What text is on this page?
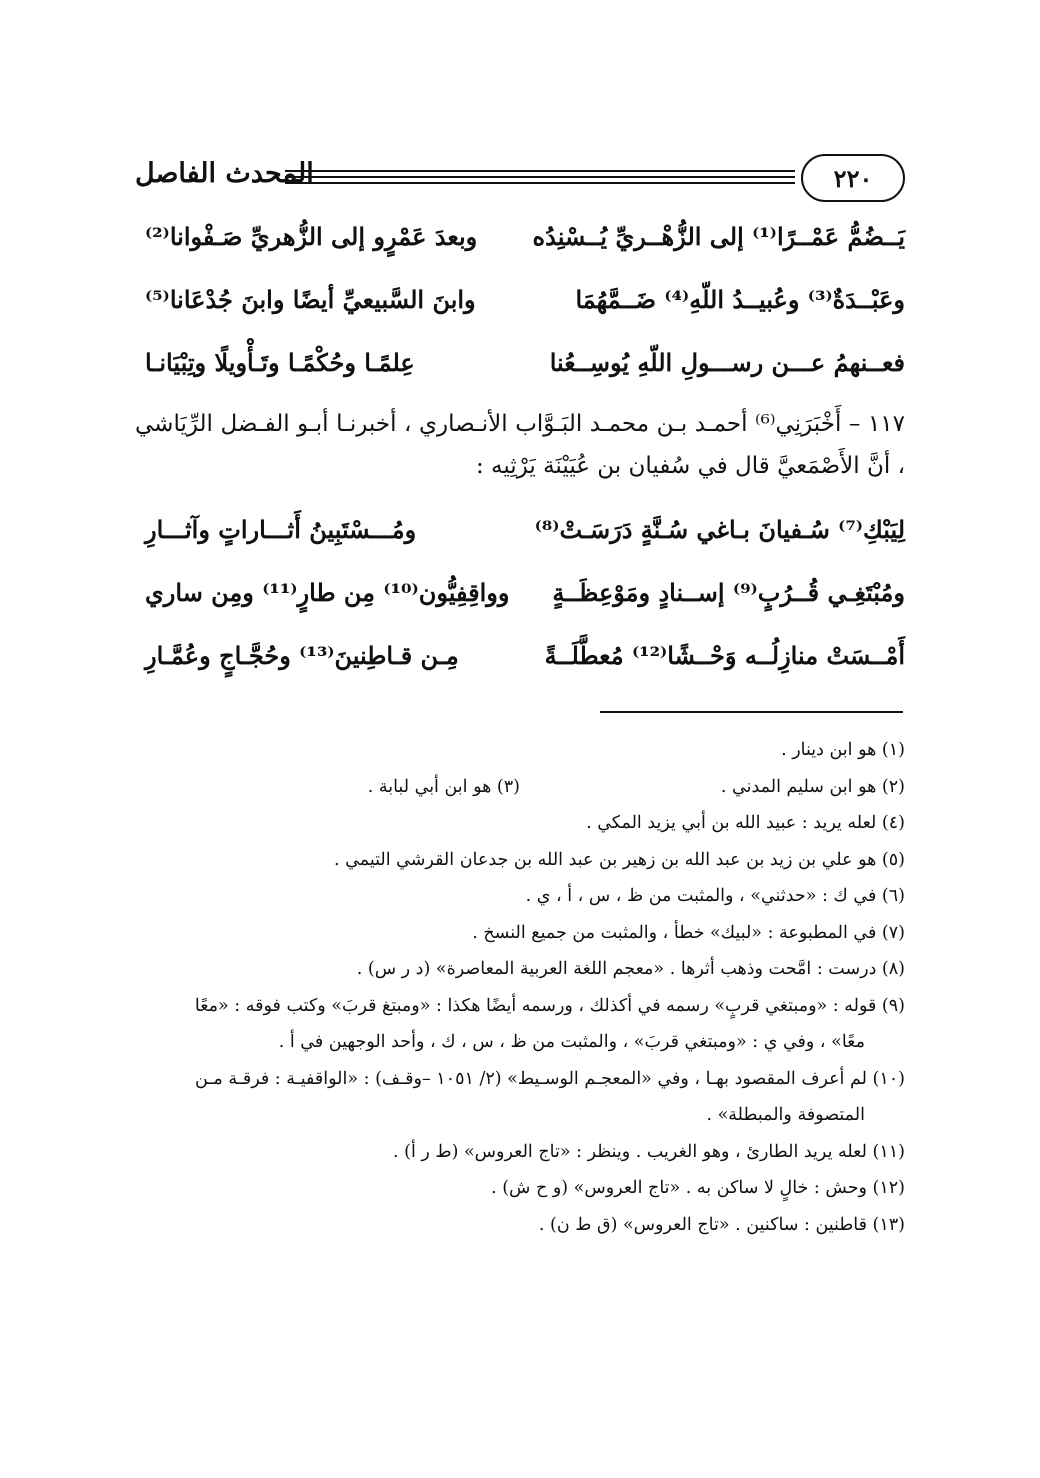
٢٢٠
المحدث الفاصل
يَــضُمُّ عَمْــرًا⁽¹⁾ إلى الزُّهْــريِّ يُــسْنِدُه
وبعدَ عَمْرٍو إلى الزُّهريِّ صَـفْوانا⁽²⁾
وعَبْــدَةٌ⁽³⁾ وعُبيــدُ اللّهِ⁽⁴⁾ ضَــمَّهُمَا
وابنَ السَّبيعيِّ أيضًا وابنَ جُدْعَانا⁽⁵⁾
فعــنهمُ عـــن رســـولِ اللّهِ يُوسِــعُنا
عِلمًـا وحُكْمًـا وتَـأْويلًا وتِبْيَانـا
١١٧ – أَخْبَرَنِي⁽⁶⁾ أحمـد بـن محمـد البَـوَّاب الأنـصاري ، أخبرنـا أبـو الفـضل الرِّيَاشي ، أنَّ الأَصْمَعيَّ قال في سُفيان بن عُيَيْنَة يَرْثِيه :
لِيَبْكِ⁽⁷⁾ سُـفيانَ بـاغي سُـنَّةٍ دَرَسَـتْ⁽⁸⁾
ومُـــسْتَبِينُ أَثـــاراتٍ وآثـــارِ
ومُبْتَغِـي قُــرُبٍ⁽⁹⁾ إســنادٍ ومَوْعِظَــةٍ
وواقِفِيُّون⁽¹⁰⁾ مِن طارٍ⁽¹¹⁾ ومِن ساري
أَمْــسَتْ منازِلُــه وَحْــشًا⁽¹²⁾ مُعطَّلَــةً
مِـن قـاطِنينَ⁽¹³⁾ وحُجَّـاجٍ وعُمَّـارِ
(١) هو ابن دينار .
(٢) هو ابن سليم المدني .
(٣) هو ابن أبي لبابة .
(٤) لعله يريد : عبيد الله بن أبي يزيد المكي .
(٥) هو علي بن زيد بن عبد الله بن زهير بن عبد الله بن جدعان القرشي التيمي .
(٦) في ك : «حدثني» ، والمثبت من ظ ، س ، أ ، ي .
(٧) في المطبوعة : «لبيك» خطأ ، والمثبت من جميع النسخ .
(٨) درست : امَّحت وذهب أثرها . «معجم اللغة العربية المعاصرة» (د ر س) .
(٩) قوله : «ومبتغي قربٍ» رسمه في أكذلك ، ورسمه أيضًا هكذا : «ومبتغ قربَ» وكتب فوقه : «معًا
معًا» ، وفي ي : «ومبتغي قربَ» ، والمثبت من ظ ، س ، ك ، وأحد الوجهين في أ .
(١٠) لم أعرف المقصود بهـا ، وفي «المعجـم الوسـيط» (٢/ ١٠٥١ –وقـف) : «الواقفيـة : فرقـة مـن
المتصوفة والمبطلة» .
(١١) لعله يريد الطارئ ، وهو الغريب . وينظر : «تاج العروس» (ط ر أ) .
(١٢) وحش : خالٍ لا ساكن به . «تاج العروس» (و ح ش) .
(١٣) قاطنين : ساكنين . «تاج العروس» (ق ط ن) .
